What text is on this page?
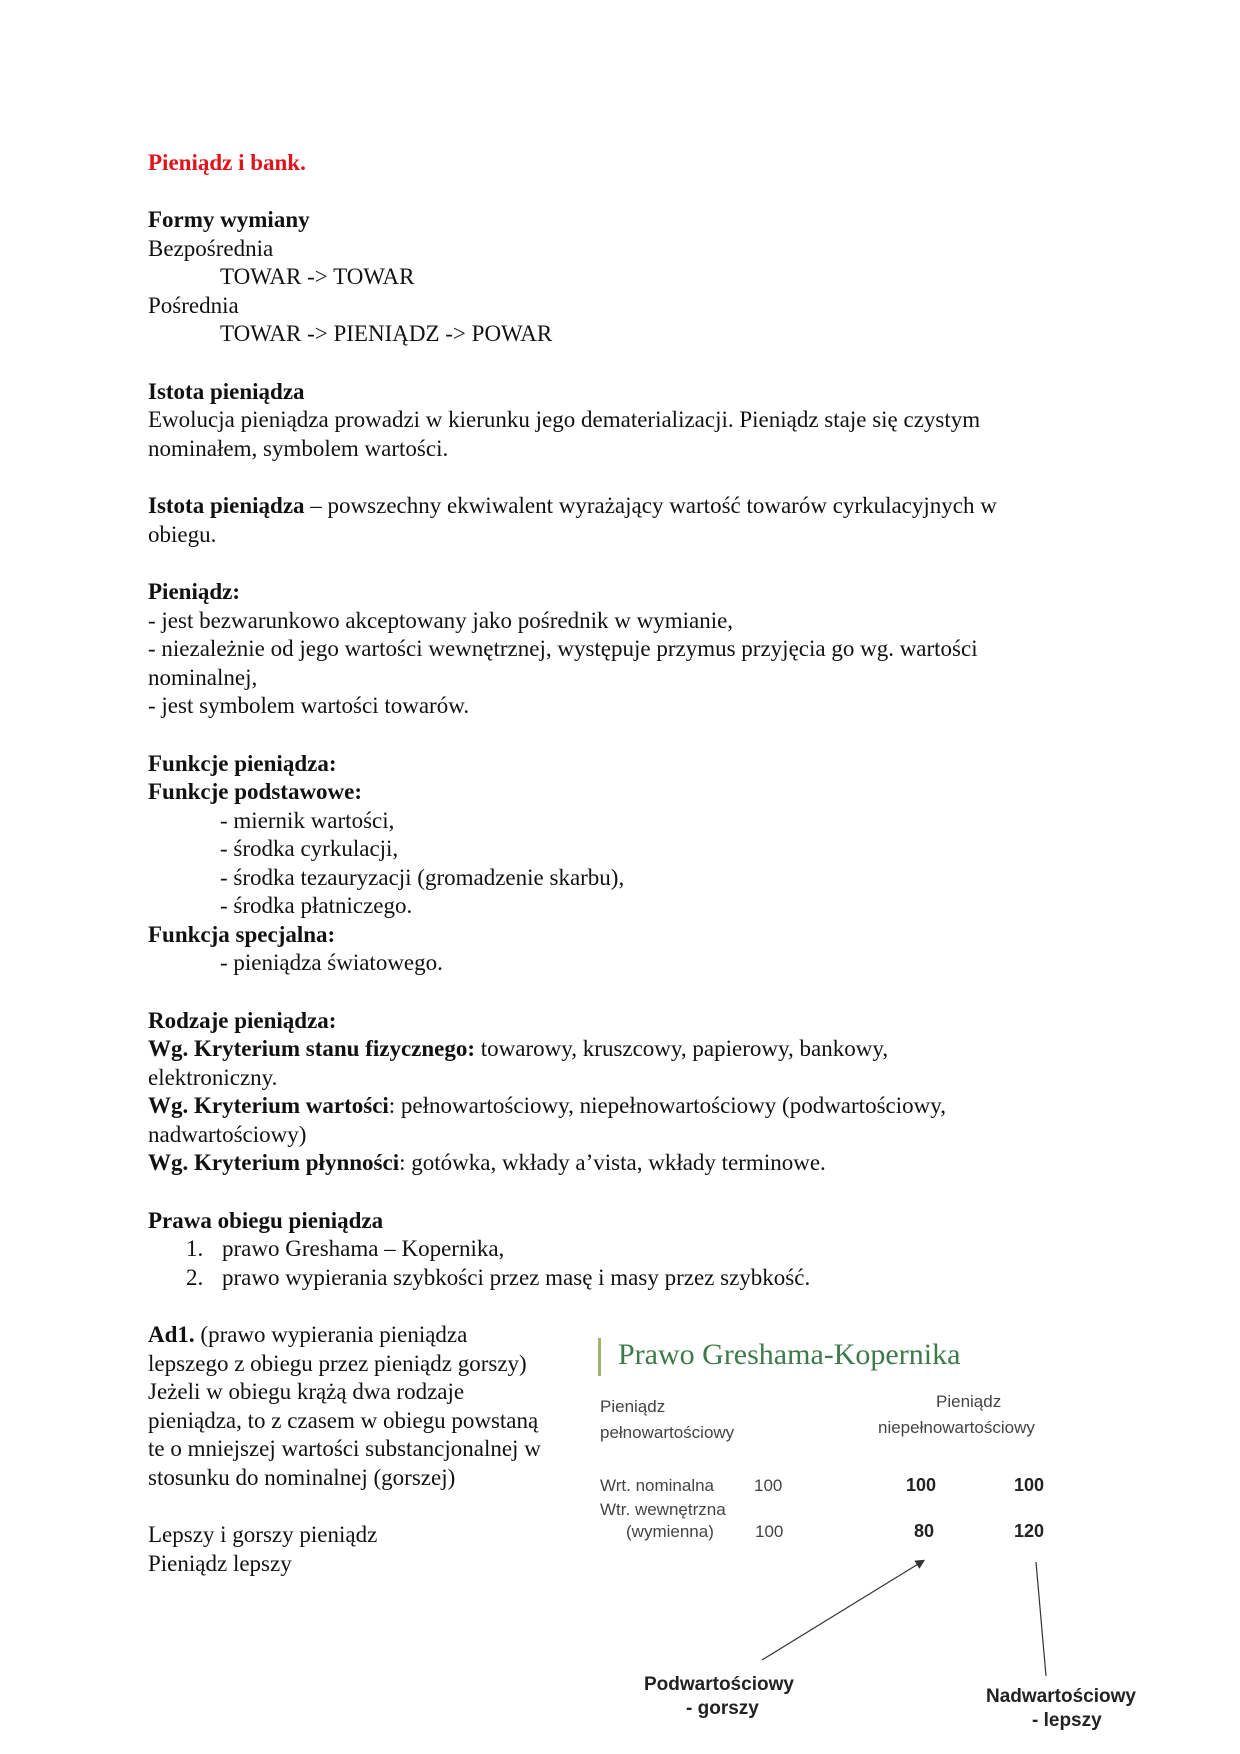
Pieniądz i bank.
Formy wymiany
Bezpośrednia
TOWAR -> TOWAR
Pośrednia
TOWAR -> PIENIĄDZ -> POWAR
Istota pieniądza
Ewolucja pieniądza prowadzi w kierunku jego dematerializacji. Pieniądz staje się czystym
nominałem, symbolem wartości.
Istota pieniądza – powszechny ekwiwalent wyrażający wartość towarów cyrkulacyjnych w
obiegu.
Pieniądz:
- jest bezwarunkowo akceptowany jako pośrednik w wymianie,
- niezależnie od jego wartości wewnętrznej, występuje przymus przyjęcia go wg. wartości
nominalnej,
- jest symbolem wartości towarów.
Funkcje pieniądza:
Funkcje podstawowe:
- miernik wartości,
- środka cyrkulacji,
- środka tezauryzacji (gromadzenie skarbu),
- środka płatniczego.
Funkcja specjalna:
- pieniądza światowego.
Rodzaje pieniądza:
Wg. Kryterium stanu fizycznego: towarowy, kruszcowy, papierowy, bankowy,
elektroniczny.
Wg. Kryterium wartości: pełnowartościowy, niepełnowartościowy (podwartościowy,
nadwartościowy)
Wg. Kryterium płynności: gotówka, wkłady a’vista, wkłady terminowe.
Prawa obiegu pieniądza
1. prawo Greshama – Kopernika,
2. prawo wypierania szybkości przez masę i masy przez szybkość.
Ad1. (prawo wypierania pieniądza
lepszego z obiegu przez pieniądz gorszy)
Jeżeli w obiegu krążą dwa rodzaje
pieniądza, to z czasem w obiegu powstaną
te o mniejszej wartości substancjonalnej w
stosunku do nominalnej (gorszej)
Lepszy i gorszy pieniądz
Pieniądz lepszy
Prawo Greshama-Kopernika
Pieniądz
pełnowartościowy
Pieniądz
niepełnowartościowy
Wrt. nominalna 100	100	100
Wtr. wewnętrzna
(wymienna) 100	80	120
Podwartościowy
- gorszy
Nadwartościowy
- lepszy
